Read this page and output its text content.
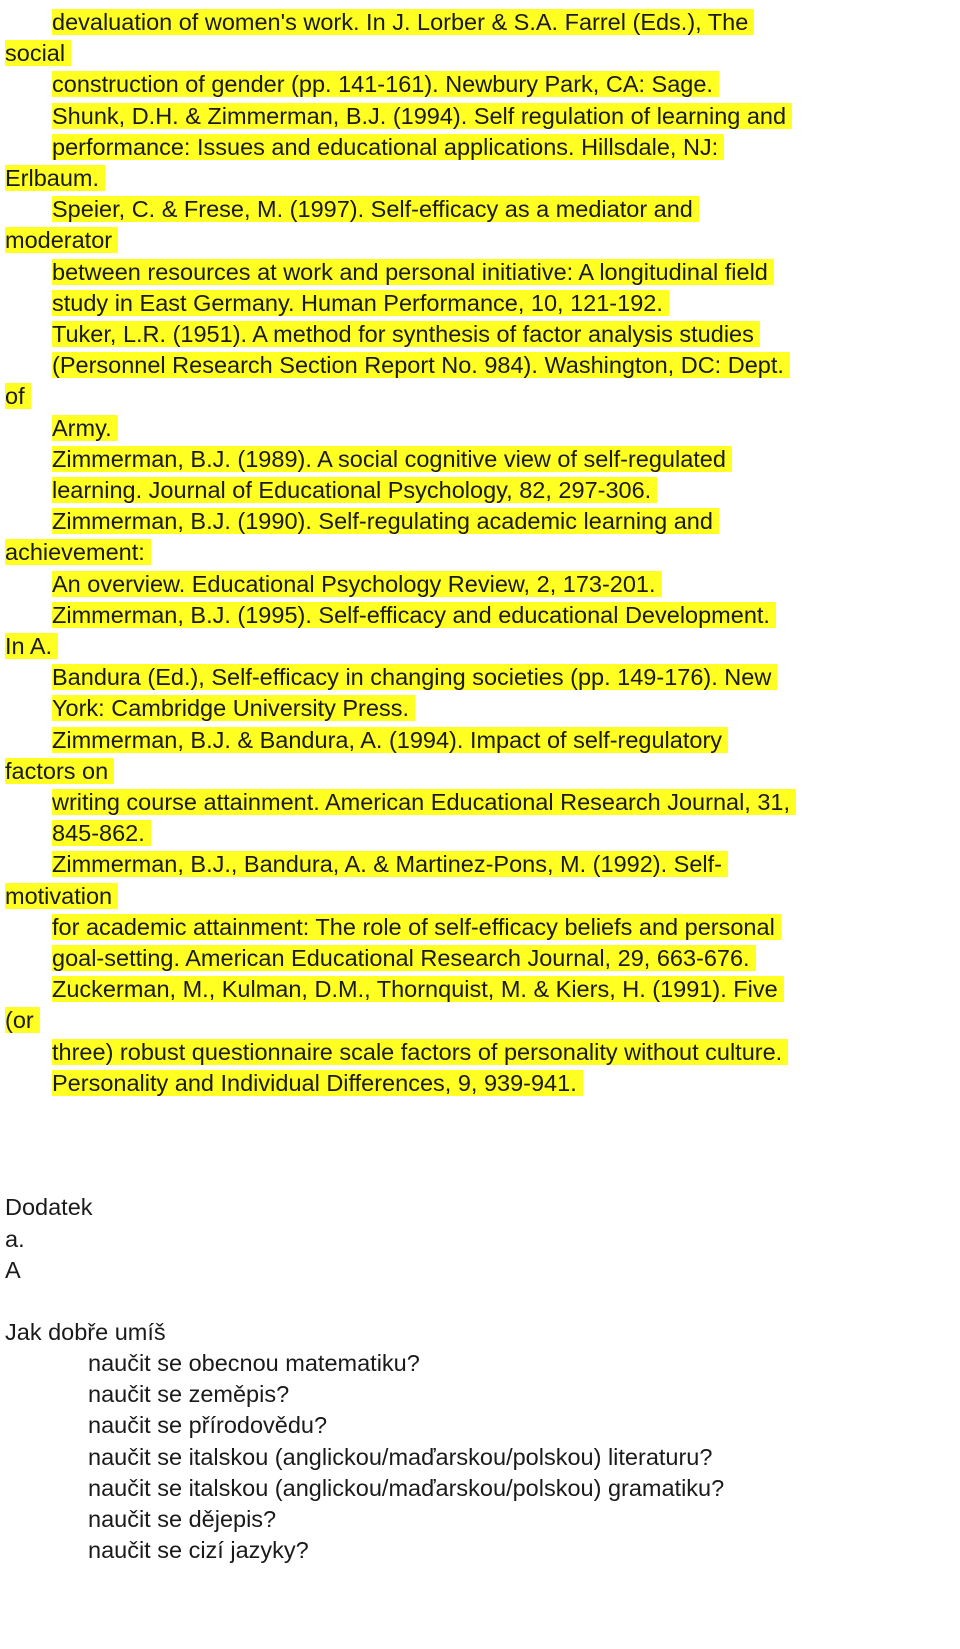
devaluation of women's work. In J. Lorber & S.A. Farrel (Eds.), The
social
construction of gender (pp. 141-161). Newbury Park, CA: Sage.
Shunk, D.H. & Zimmerman, B.J. (1994). Self regulation of learning and
performance: Issues and educational applications. Hillsdale, NJ:
Erlbaum.
Speier, C. & Frese, M. (1997). Self-efficacy as a mediator and
moderator
between resources at work and personal initiative: A longitudinal field
study in East Germany. Human Performance, 10, 121-192.
Tuker, L.R. (1951). A method for synthesis of factor analysis studies
(Personnel Research Section Report No. 984). Washington, DC: Dept.
of
Army.
Zimmerman, B.J. (1989). A social cognitive view of self-regulated
learning. Journal of Educational Psychology, 82, 297-306.
Zimmerman, B.J. (1990). Self-regulating academic learning and
achievement:
An overview. Educational Psychology Review, 2, 173-201.
Zimmerman, B.J. (1995). Self-efficacy and educational Development.
In A.
Bandura (Ed.), Self-efficacy in changing societies (pp. 149-176). New
York: Cambridge University Press.
Zimmerman, B.J. & Bandura, A. (1994). Impact of self-regulatory
factors on
writing course attainment. American Educational Research Journal, 31,
845-862.
Zimmerman, B.J., Bandura, A. & Martinez-Pons, M. (1992). Self-
motivation
for academic attainment: The role of self-efficacy beliefs and personal
goal-setting. American Educational Research Journal, 29, 663-676.
Zuckerman, M., Kulman, D.M., Thornquist, M. & Kiers, H. (1991). Five
(or
three) robust questionnaire scale factors of personality without culture.
Personality and Individual Differences, 9, 939-941.
Dodatek
a.
A
Jak dobře umíš
naučit se obecnou matematiku?
naučit se zeměpis?
naučit se přírodovědu?
naučit se italskou (anglickou/maďarskou/polskou) literaturu?
naučit se italskou (anglickou/maďarskou/polskou) gramatiku?
naučit se dějepis?
naučit se cizí jazyky?
